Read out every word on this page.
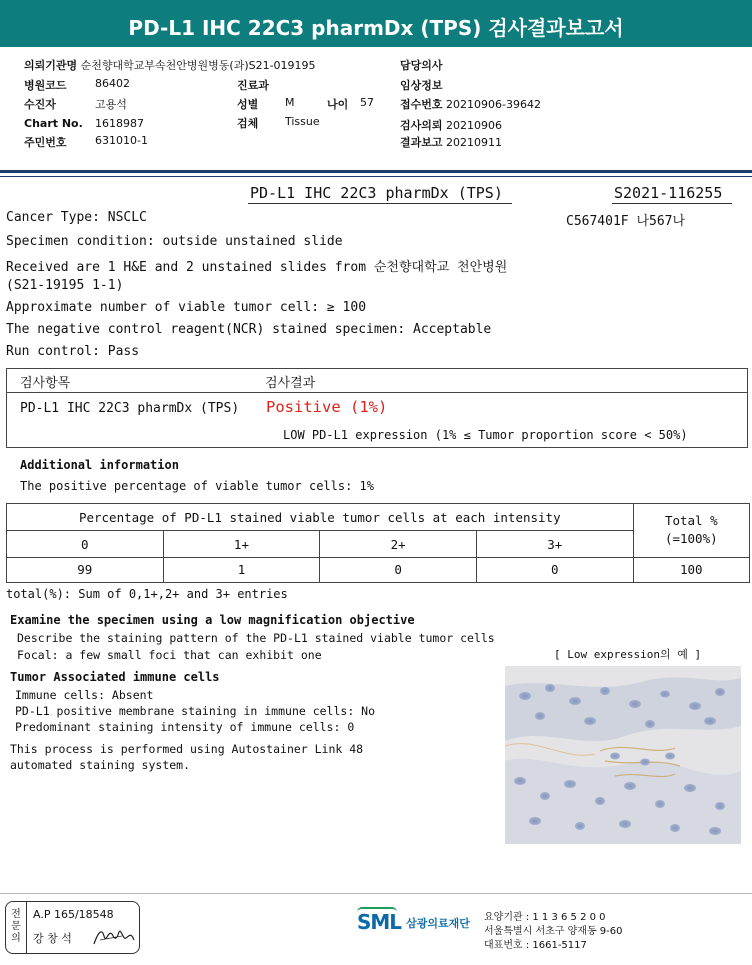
PD-L1 IHC 22C3 pharmDx (TPS) 검사결과보고서
의뢰기관명 순천향대학교부속천안병원병동(과)S21-019195	담당의사
병원코드	86402	진료과	임상정보
수진자	고용석	성별 M	나이 57 접수번호 20210906-39642
Chart No. 1618987	검체 Tissue	검사의뢰 20210906
주민번호	631010-1	결과보고 20210911
PD-L1 IHC 22C3 pharmDx (TPS)	S2021-116255
Cancer Type: NSCLC	C567401F 나567나
Specimen condition: outside unstained slide
Received are 1 H&E and 2 unstained slides from 순천향대학교 천안병원
(S21-19195 1-1)
Approximate number of viable tumor cell: ≥ 100
The negative control reagent(NCR) stained specimen: Acceptable
Run control: Pass
검사항목	검사결과
PD-L1 IHC 22C3 pharmDx (TPS) Positive (1%)
LOW PD-L1 expression (1% ≤ Tumor proportion score < 50%)
Additional information
The positive percentage of viable tumor cells: 1%
Percentage of PD-L1 stained viable tumor cells at each intensity				Total %
(=100%)

0	1+	2+	3+	
99	1	0	0	100
total(%): Sum of 0,1+,2+ and 3+ entries
Examine the specimen using a low magnification objective
Describe the staining pattern of the PD-L1 stained viable tumor cells
Focal: a few small foci that can exhibit one	[ Low expression의 예 ]
Tumor Associated immune cells
Immune cells: Absent
PD-L1 positive membrane staining in immune cells: No
Predominant staining intensity of immune cells: 0
This process is performed using Autostainer Link 48
automated staining system.
전문의
A.P 165/18548
강 창 석
SML 삼광의료재단 요양기관 : 1 1 3 6 5 2 0 0
서울특별시 서초구 양재동 9-60
대표번호 : 1661-5117
